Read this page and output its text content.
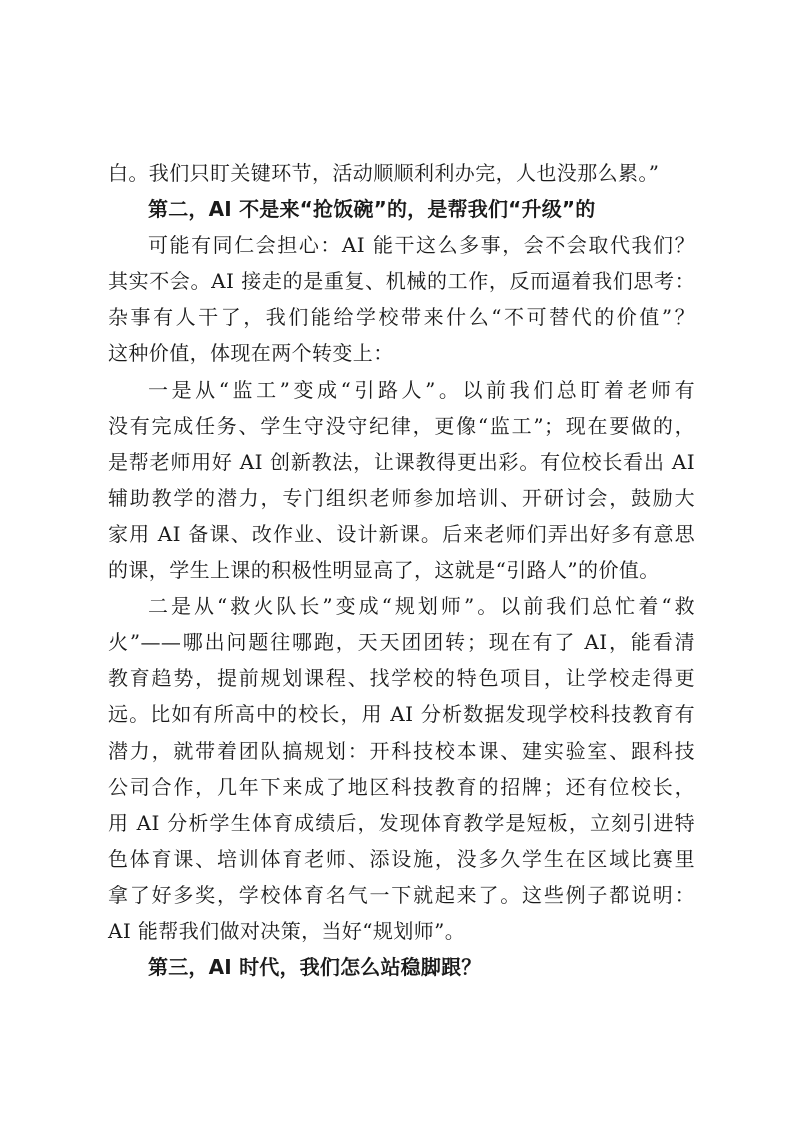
白。我们只盯关键环节，活动顺顺利利办完，人也没那么累。”
第二，AI 不是来“抢饭碗”的，是帮我们“升级”的
可能有同仁会担心：AI 能干这么多事，会不会取代我们？
其实不会。AI 接走的是重复、机械的工作，反而逼着我们思考：
杂事有人干了，我们能给学校带来什么“不可替代的价值”？
这种价值，体现在两个转变上：
一是从“监工”变成“引路人”。以前我们总盯着老师有
没有完成任务、学生守没守纪律，更像“监工”；现在要做的，
是帮老师用好 AI 创新教法，让课教得更出彩。有位校长看出 AI
辅助教学的潜力，专门组织老师参加培训、开研讨会，鼓励大
家用 AI 备课、改作业、设计新课。后来老师们弄出好多有意思
的课，学生上课的积极性明显高了，这就是“引路人”的价值。
二是从“救火队长”变成“规划师”。以前我们总忙着“救
火”——哪出问题往哪跑，天天团团转；现在有了 AI，能看清
教育趋势，提前规划课程、找学校的特色项目，让学校走得更
远。比如有所高中的校长，用 AI 分析数据发现学校科技教育有
潜力，就带着团队搞规划：开科技校本课、建实验室、跟科技
公司合作，几年下来成了地区科技教育的招牌；还有位校长，
用 AI 分析学生体育成绩后，发现体育教学是短板，立刻引进特
色体育课、培训体育老师、添设施，没多久学生在区域比赛里
拿了好多奖，学校体育名气一下就起来了。这些例子都说明：
AI 能帮我们做对决策，当好“规划师”。
第三，AI 时代，我们怎么站稳脚跟？
